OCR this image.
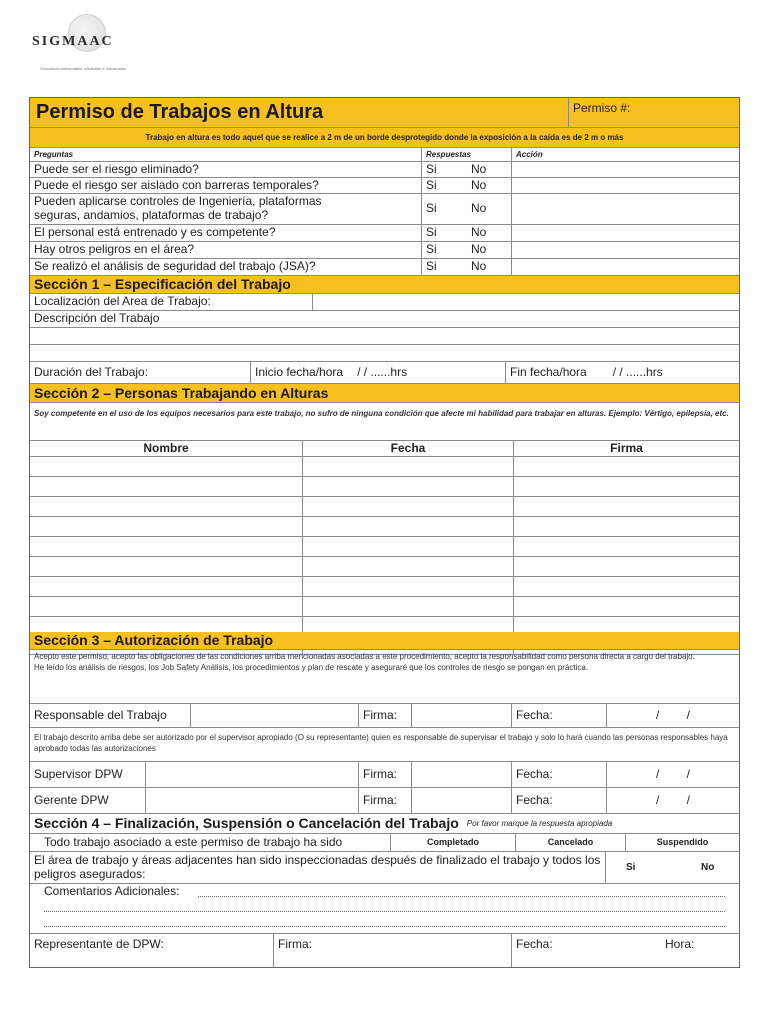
SIGMAAC
Soluciones ambientales, eficientes e industriales
Permiso de Trabajos en Altura	Permiso #:
Trabajo en altura es todo aquel que se realice a 2 m de un borde desprotegido donde la exposición a la caída es de 2 m o más
Preguntas	Respuestas	Acción
Puede ser el riesgo eliminado?	Si	No
Puede el riesgo ser aislado con barreras temporales?	Si	No
Pueden aplicarse controles de Ingeniería, plataformas seguras, andamios, plataformas de trabajo?	Si	No
El personal está entrenado y es competente?	Si	No
Hay otros peligros en el área?	Si	No
Se realizó el análisis de seguridad del trabajo (JSA)?	Si	No
Sección 1 – Especificación del Trabajo
Localización del Area de Trabajo:
Descripción del Trabajo
Duración del Trabajo:	Inicio fecha/hora / / ......hrs	Fin fecha/hora / / ......hrs
Sección 2 – Personas Trabajando en Alturas
Soy competente en el uso de los equipos necesarios para este trabajo, no sufro de ninguna condición que afecte mi habilidad para trabajar en alturas. Ejemplo: Vértigo, epilepsia, etc.
Nombre	Fecha	Firma
Sección 3 – Autorización de Trabajo
Acepto este permiso, acepto las obligaciones de las condiciones arriba mencionadas asociadas a este procedimiento, acepto la responsabilidad como persona directa a cargo del trabajo.
He leído los análisis de riesgos, los Job Safety Análisis, los procedimientos y plan de rescate y aseguraré que los controles de riesgo se pongan en práctica.
Responsable del Trabajo	Firma:	Fecha:	/ /
El trabajo descrito arriba debe ser autorizado por el supervisor apropiado (O su representante) quien es responsable de supervisar el trabajo y solo lo hará cuando las personas responsables haya aprobado todas las autorizaciones
Supervisor DPW	Firma:	Fecha:	/ /
Gerente DPW	Firma:	Fecha:	/ /
Sección 4 – Finalización, Suspensión o Cancelación del Trabajo Por favor marque la respuesta apropiada
Todo trabajo asociado a este permiso de trabajo ha sido	Completado	Cancelado	Suspendido
El área de trabajo y áreas adjacentes han sido inspeccionadas después de finalizado el trabajo y todos los peligros asegurados:	Si	No
Comentarios Adicionales:
Representante de DPW:	Firma:	Fecha:	Hora:
